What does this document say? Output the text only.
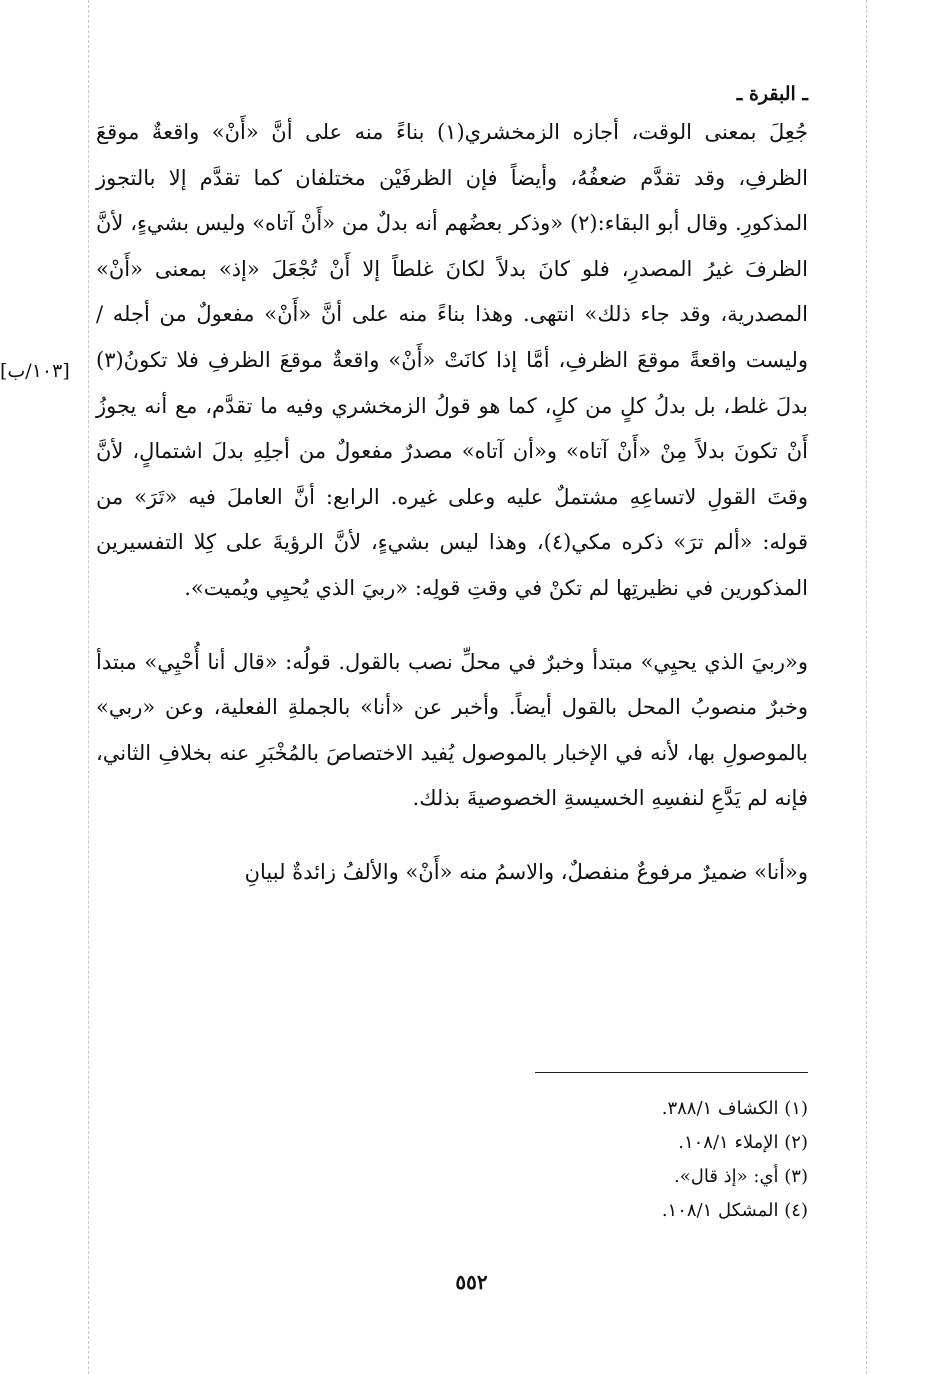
ـ البقرة ـ

جُعِلَ بمعنى الوقت، أجازه الزمخشري(١) بناءً منه على أنَّ «أَنْ» واقعةٌ موقعَ الظرفِ، وقد تقدَّم ضعفُهُ، وأيضاً فإن الظرفَيْن مختلفان كما تقدَّم إلا بالتجوز المذكورِ. وقال أبو البقاء:(٢) «وذكر بعضُهم أنه بدلٌ من «أَنْ آتاه» وليس بشيءٍ، لأنَّ الظرفَ غيرُ المصدرِ، فلو كانَ بدلاً لكانَ غلطاً إلا أَنْ تُجْعَلَ «إذ» بمعنى «أَنْ» المصدرية، وقد جاء ذلك» انتهى. وهذا بناءً منه على أنَّ «أَنْ» مفعولٌ من أجله / وليست واقعةً موقعَ الظرفِ، أمَّا إذا كانَتْ «أَنْ» واقعةٌ موقعَ الظرفِ فلا تكونُ(٣) بدلَ غلط، بل بدلُ كلٍ من كلٍ، كما هو قولُ الزمخشري وفيه ما تقدَّم، مع أنه يجوزُ أَنْ تكونَ بدلاً مِنْ «أَنْ آتاه» و«أن آتاه» مصدرٌ مفعولٌ من أجلِهِ بدلَ اشتمالٍ، لأنَّ وقتَ القولِ لاتساعِهِ مشتملٌ عليه وعلى غيره. الرابع: أنَّ العاملَ فيه «تَرَ» من قوله: «ألم ترَ» ذكره مكي(٤)، وهذا ليس بشيءٍ، لأنَّ الرؤيةَ على كِلا التفسيرين المذكورين في نظيرتِها لم تكنْ في وقتِ قولِه: «ربيَ الذي يُحيِي ويُميت».

و«ربيَ الذي يحيِي» مبتدأ وخبرٌ في محلِّ نصب بالقول. قولُه: «قال أنا أُحْيِي» مبتدأ وخبرٌ منصوبُ المحل بالقول أيضاً. وأخبر عن «أنا» بالجملةِ الفعلية، وعن «ربي» بالموصولِ بها، لأنه في الإخبار بالموصول يُفيد الاختصاصَ بالمُخْبَرِ عنه بخلافِ الثاني، فإنه لم يَدَّعِ لنفسِهِ الخسيسةِ الخصوصيةَ بذلك.

و«أنا» ضميرٌ مرفوعٌ منفصلٌ، والاسمُ منه «أَنْ» والألفُ زائدةٌ لبيانِ

[١٠٣/ب]
(١) الكشاف ٣٨٨/١.
(٢) الإملاء ١٠٨/١.
(٣) أي: «إذ قال».
(٤) المشكل ١٠٨/١.
٥٥٢
